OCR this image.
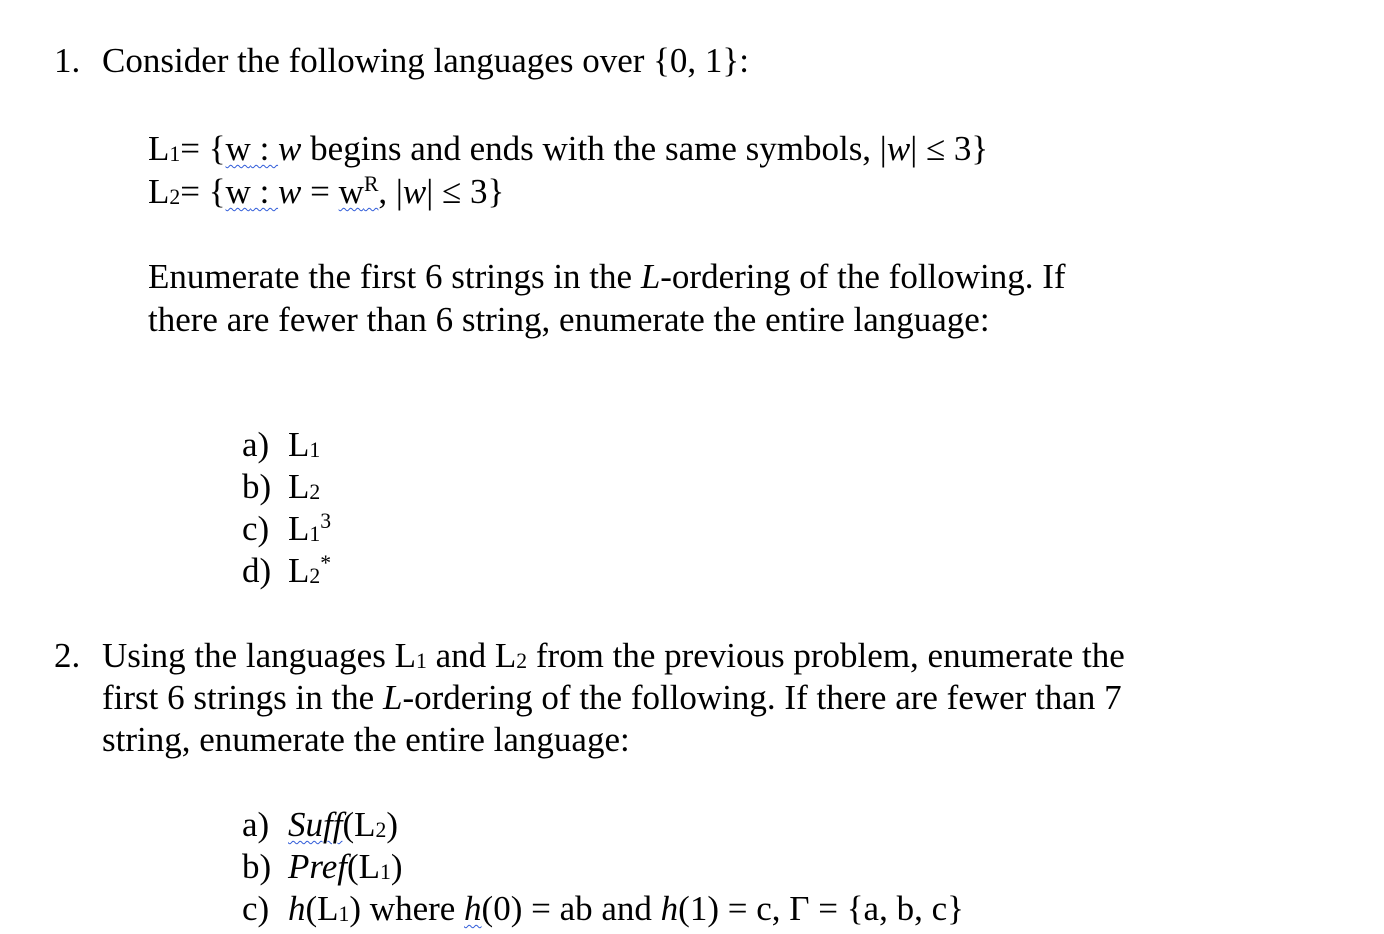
1. Consider the following languages over {0, 1}:
L1= {w : w begins and ends with the same symbols, |w| ≤ 3}
L2= {w : $w = w^R$, |w| ≤ 3}
Enumerate the first 6 strings in the L-ordering of the following. If
there are fewer than 6 string, enumerate the entire language:
a) L1
b) L2
c) $L1^3$
d) L2*
2. Using the languages L1 and L2 from the previous problem, enumerate the
first 6 strings in the L-ordering of the following. If there are fewer than 7
string, enumerate the entire language:
a) Suff(L2)
b) Pref(L1)
c) h(L1) where h(0) = ab and h(1) = c, Γ = {a, b, c}
